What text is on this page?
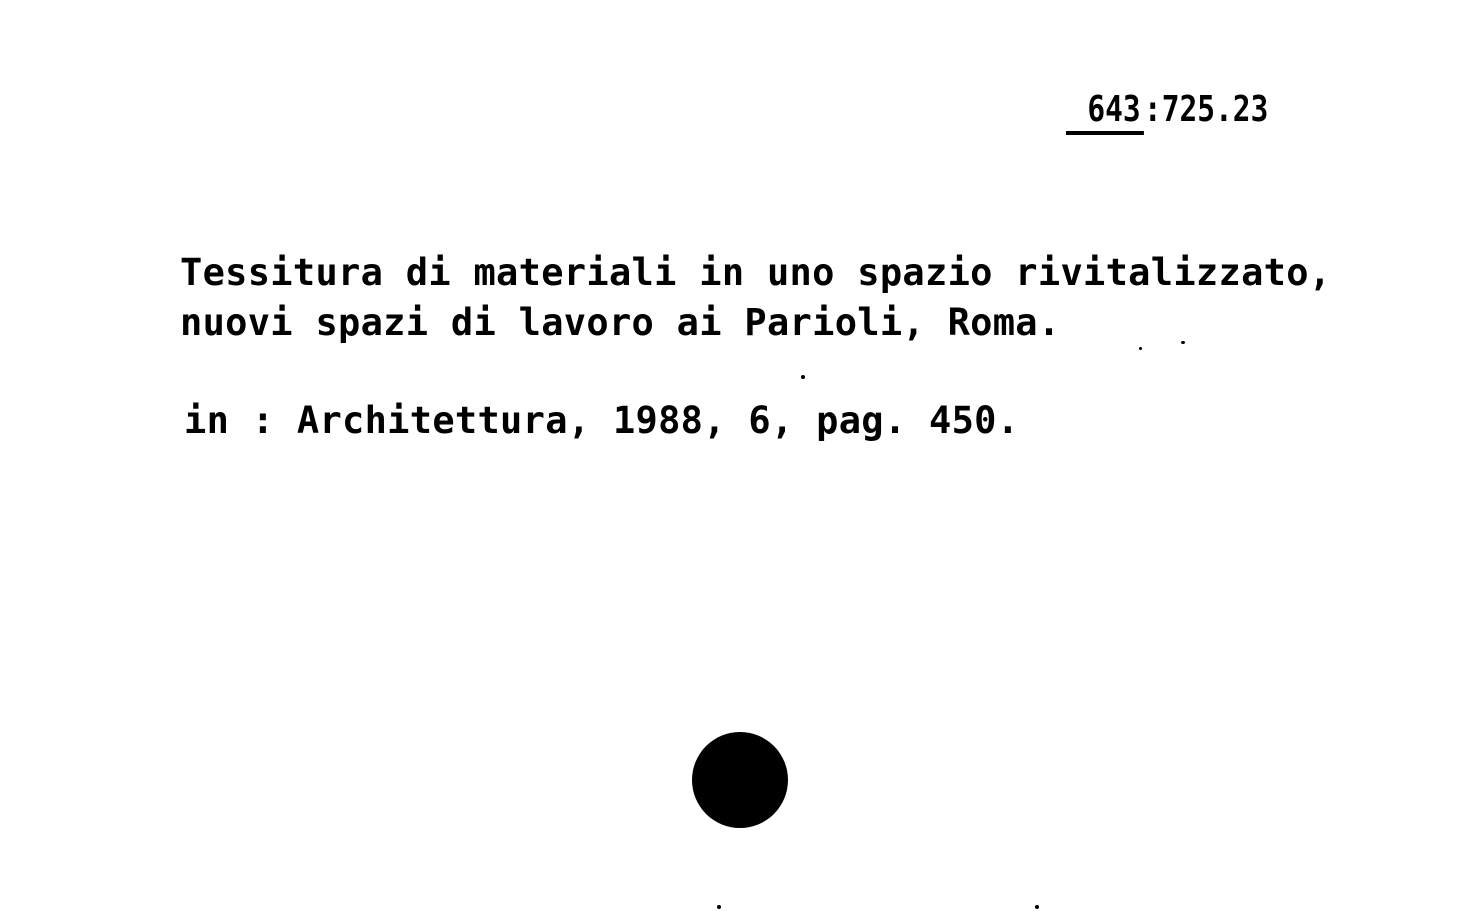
643:725.23
Tessitura di materiali in uno spazio rivitalizzato,
nuovi spazi di lavoro ai Parioli, Roma.
in : Architettura, 1988, 6, pag. 450.
